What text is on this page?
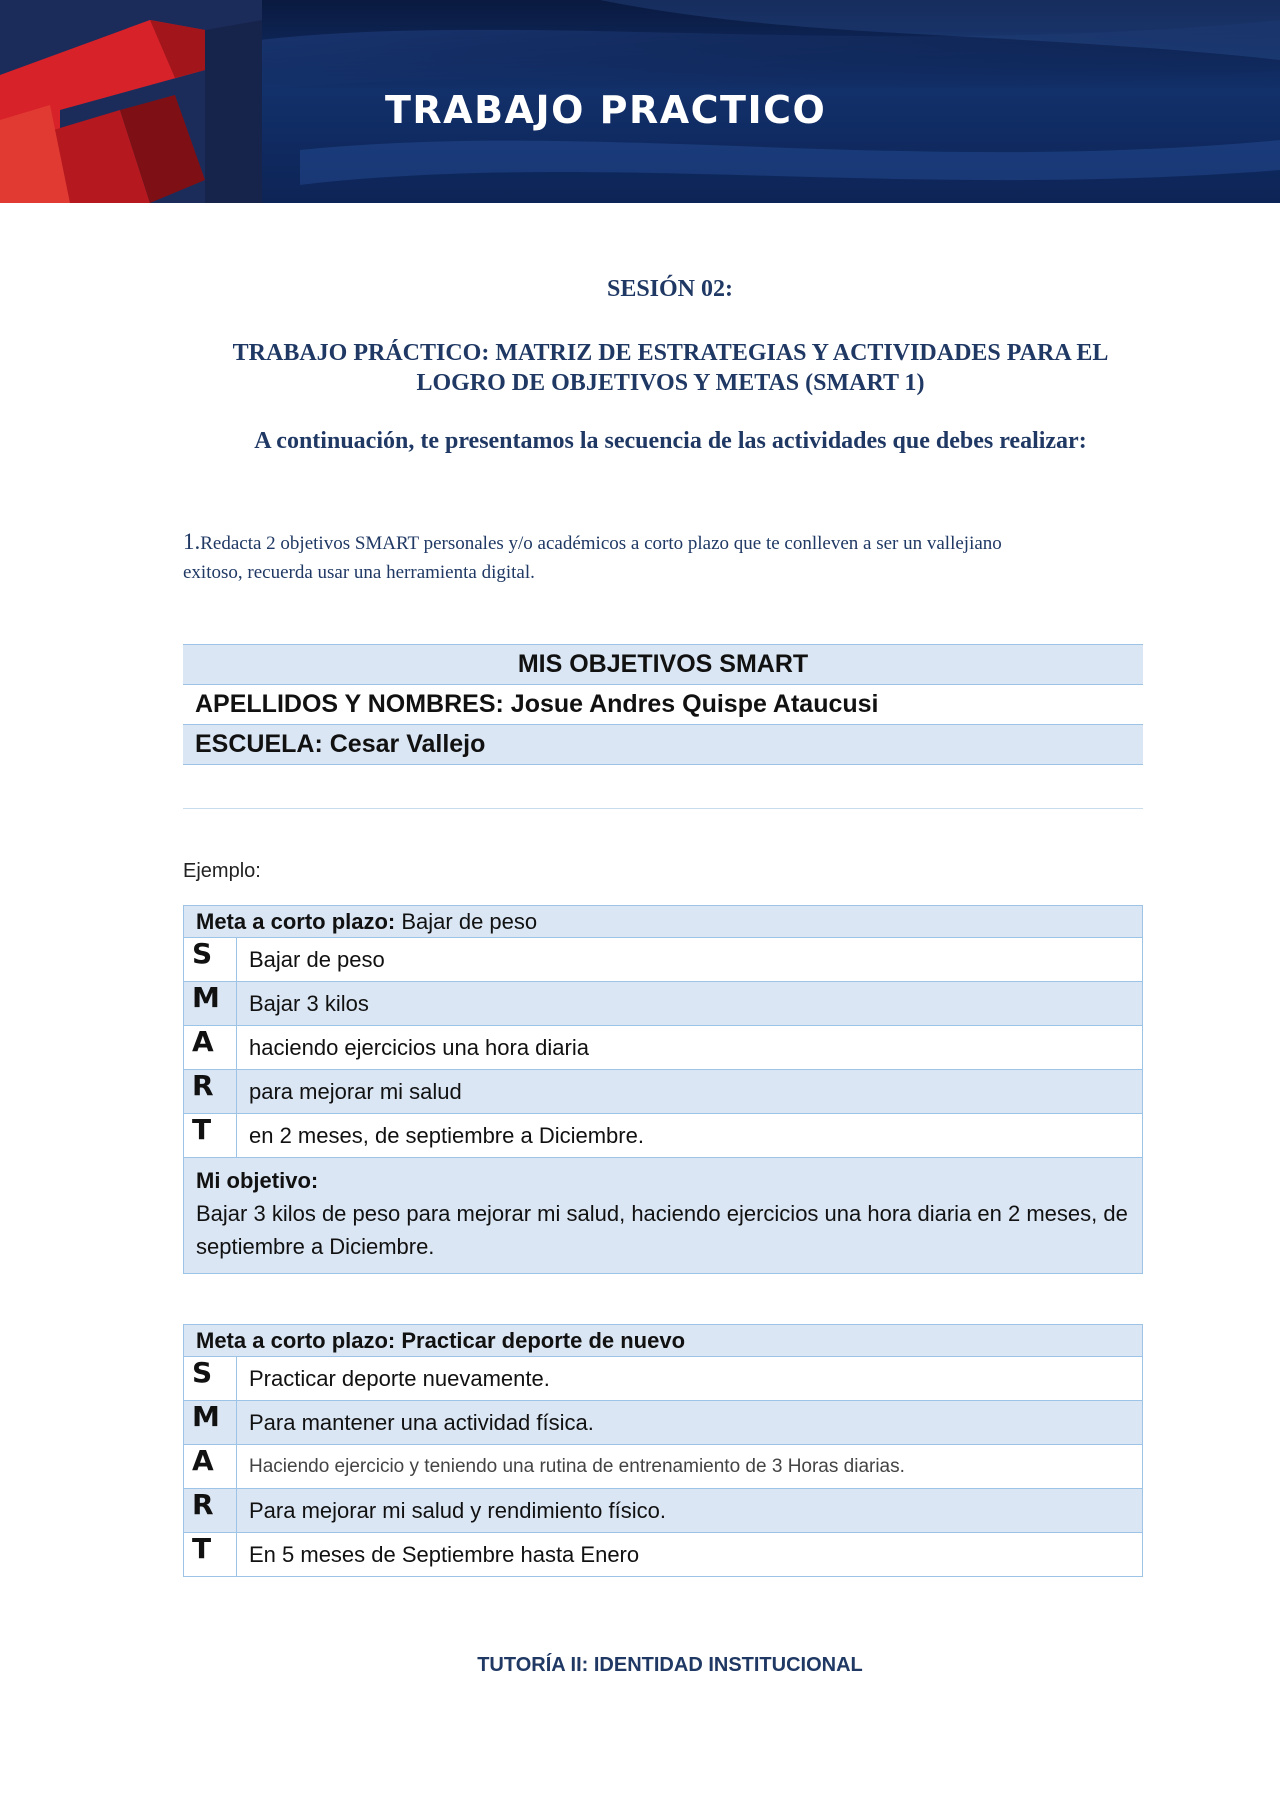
TRABAJO PRACTICO
SESIÓN 02:
TRABAJO PRÁCTICO: MATRIZ DE ESTRATEGIAS Y ACTIVIDADES PARA EL
LOGRO DE OBJETIVOS Y METAS (SMART 1)
A continuación, te presentamos la secuencia de las actividades que debes realizar:
1.Redacta 2 objetivos SMART personales y/o académicos a corto plazo que te conlleven a ser un vallejiano
exitoso, recuerda usar una herramienta digital.
MIS OBJETIVOS SMART
APELLIDOS Y NOMBRES: Josue Andres Quispe Ataucusi
ESCUELA: Cesar Vallejo
Ejemplo:
Meta a corto plazo: Bajar de peso	
S	Bajar de peso
M	Bajar 3 kilos
A	haciendo ejercicios una hora diaria
R	para mejorar mi salud
T	en 2 meses, de septiembre a Diciembre.

Mi objetivo:
Bajar 3 kilos de peso para mejorar mi salud, haciendo ejercicios una hora diaria en 2 meses, de septiembre a Diciembre.	
Meta a corto plazo: Practicar deporte de nuevo	
S	Practicar deporte nuevamente.
M	Para mantener una actividad física.
A	Haciendo ejercicio y teniendo una rutina de entrenamiento de 3 Horas diarias.
R	Para mejorar mi salud y rendimiento físico.
T	En 5 meses de Septiembre hasta Enero
TUTORÍA II: IDENTIDAD INSTITUCIONAL
